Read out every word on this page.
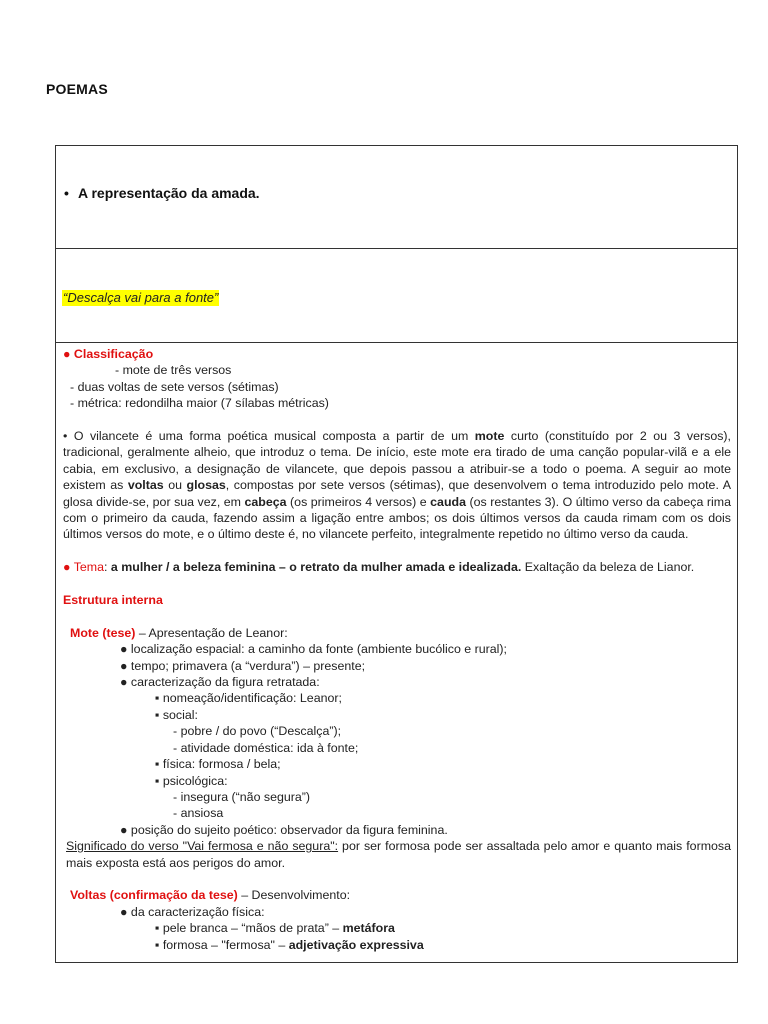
POEMAS
• A representação da amada.
“Descalça vai para a fonte”
● Classificação
- mote de três versos
- duas voltas de sete versos (sétimas)
- métrica: redondilha maior (7 sílabas métricas)
• O vilancete é uma forma poética musical composta a partir de um mote curto (constituído por 2 ou 3 versos), tradicional, geralmente alheio, que introduz o tema. De início, este mote era tirado de uma canção popular-vilã e a ele cabia, em exclusivo, a designação de vilancete, que depois passou a atribuir-se a todo o poema. A seguir ao mote existem as voltas ou glosas, compostas por sete versos (sétimas), que desenvolvem o tema introduzido pelo mote. A glosa divide-se, por sua vez, em cabeça (os primeiros 4 versos) e cauda (os restantes 3). O último verso da cabeça rima com o primeiro da cauda, fazendo assim a ligação entre ambos; os dois últimos versos da cauda rimam com os dois últimos versos do mote, e o último deste é, no vilancete perfeito, integralmente repetido no último verso da cauda.
● Tema: a mulher / a beleza feminina – o retrato da mulher amada e idealizada. Exaltação da beleza de Lianor.
Estrutura interna
Mote (tese) – Apresentação de Leanor:
● localização espacial: a caminho da fonte (ambiente bucólico e rural);
● tempo; primavera (a “verdura”) – presente;
● caracterização da figura retratada:
▪ nomeação/identificação: Leanor;
▪ social:
- pobre / do povo (“Descalça”);
- atividade doméstica: ida à fonte;
▪ física: formosa / bela;
▪ psicológica:
- insegura (“não segura”)
- ansiosa
● posição do sujeito poético: observador da figura feminina.
Significado do verso "Vai fermosa e não segura": por ser formosa pode ser assaltada pelo amor e quanto mais formosa mais exposta está aos perigos do amor.
Voltas (confirmação da tese) – Desenvolvimento:
● da caracterização física:
▪ pele branca – “mãos de prata” – metáfora
▪ formosa – "fermosa" – adjetivação expressiva
